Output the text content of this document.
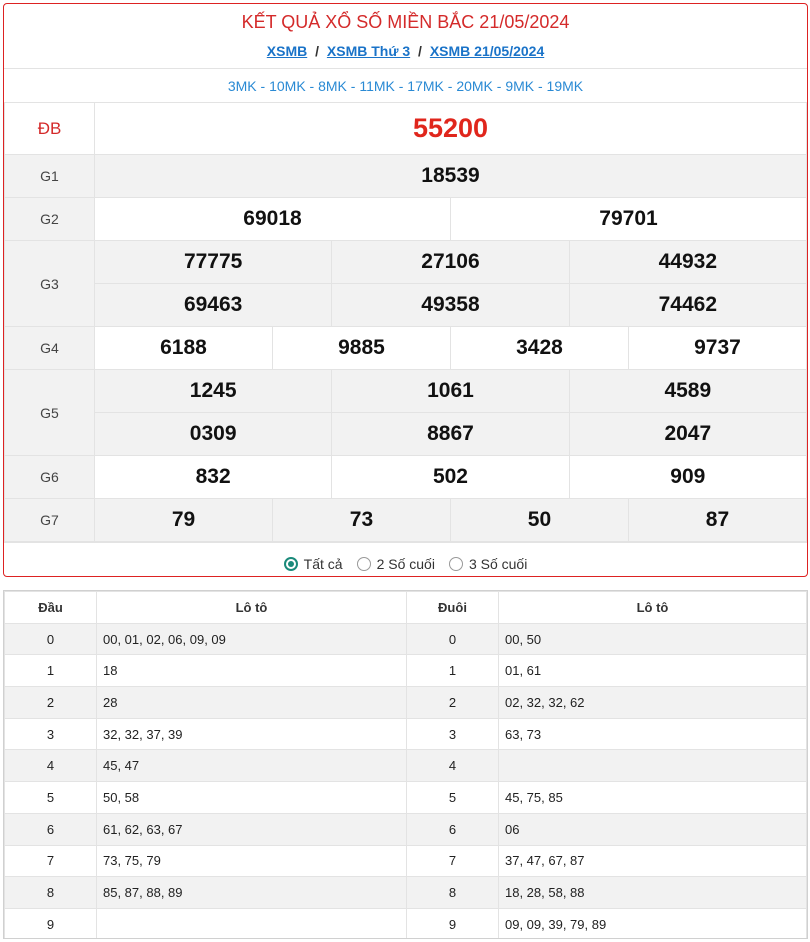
KẾT QUẢ XỔ SỐ MIỀN BẮC 21/05/2024
XSMB / XSMB Thứ 3 / XSMB 21/05/2024
3MK - 10MK - 8MK - 11MK - 17MK - 20MK - 9MK - 19MK
ĐB	55200					
G1	18539					
G2	69018			79701		
G3	77775		27106		44932	
	69463		49358		74462	
G4	6188	9885		3428		9737
G5	1245		1061		4589	
	0309		8867		2047	
G6	832		502		909	
G7	79	73		50		87
Tất cả 2 Số cuối 3 Số cuối
Đầu	Lô tô	Đuôi	Lô tô
0	00, 01, 02, 06, 09, 09	0	00, 50
1	18	1	01, 61
2	28	2	02, 32, 32, 62
3	32, 32, 37, 39	3	63, 73
4	45, 47	4	
5	50, 58	5	45, 75, 85
6	61, 62, 63, 67	6	06
7	73, 75, 79	7	37, 47, 67, 87
8	85, 87, 88, 89	8	18, 28, 58, 88
9		9	09, 09, 39, 79, 89
